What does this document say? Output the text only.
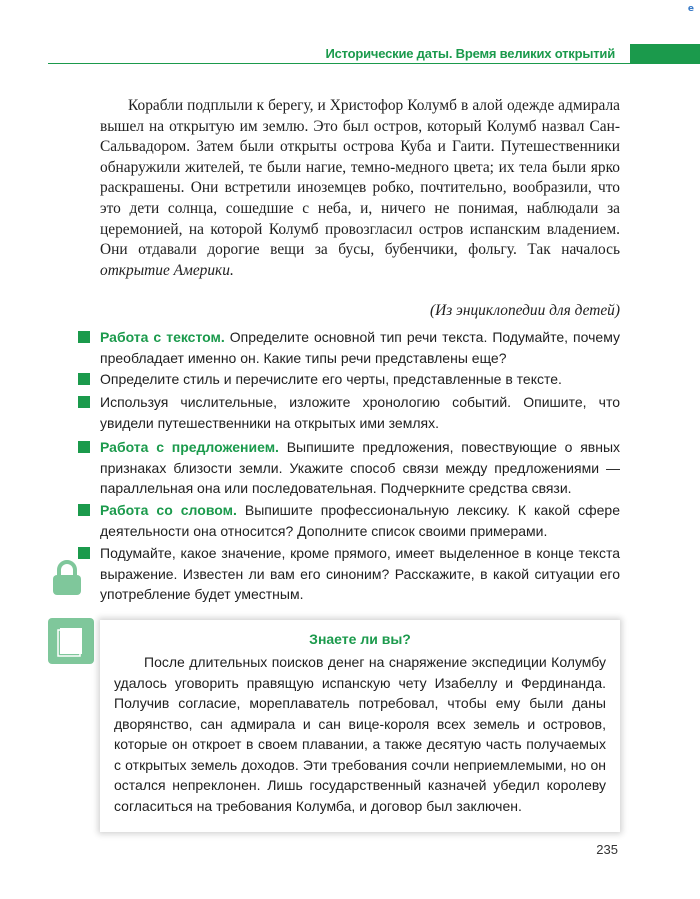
e
Исторические даты. Время великих открытий

Корабли подплыли к берегу, и Христофор Колумб в алой одежде адмирала вышел на открытую им землю. Это был остров, который Колумб назвал Сан-Сальвадором. Затем были открыты острова Куба и Гаити. Путешественники обнаружили жителей, те были нагие, темно-медного цвета; их тела были ярко раскрашены. Они встретили иноземцев робко, почтительно, вообразили, что это дети солнца, сошедшие с неба, и, ничего не понимая, наблюдали за церемонией, на которой Колумб провозгласил остров испанским владением. Они отдавали дорогие вещи за бусы, бубенчики, фольгу. Так началось открытие Америки.

(Из энциклопедии для детей)
Работа с текстом. Определите основной тип речи текста. Подумайте, почему преобладает именно он. Какие типы речи представлены еще?
Определите стиль и перечислите его черты, представленные в тексте.
Используя числительные, изложите хронологию событий. Опишите, что увидели путешественники на открытых ими землях.
Работа с предложением. Выпишите предложения, повествующие о явных признаках близости земли. Укажите способ связи между предложениями — параллельная она или последовательная. Подчеркните средства связи.
Работа со словом. Выпишите профессиональную лексику. К какой сфере деятельности она относится? Дополните список своими примерами.
Подумайте, какое значение, кроме прямого, имеет выделенное в конце текста выражение. Известен ли вам его синоним? Расскажите, в какой ситуации его употребление будет уместным.
Знаете ли вы?

После длительных поисков денег на снаряжение экспедиции Колумбу удалось уговорить правящую испанскую чету Изабеллу и Фердинанда. Получив согласие, мореплаватель потребовал, чтобы ему были даны дворянство, сан адмирала и сан вице-короля всех земель и островов, которые он откроет в своем плавании, а также десятую часть получаемых с открытых земель доходов. Эти требования сочли неприемлемыми, но он остался непреклонен. Лишь государственный казначей убедил королеву согласиться на требования Колумба, и договор был заключен.

235
